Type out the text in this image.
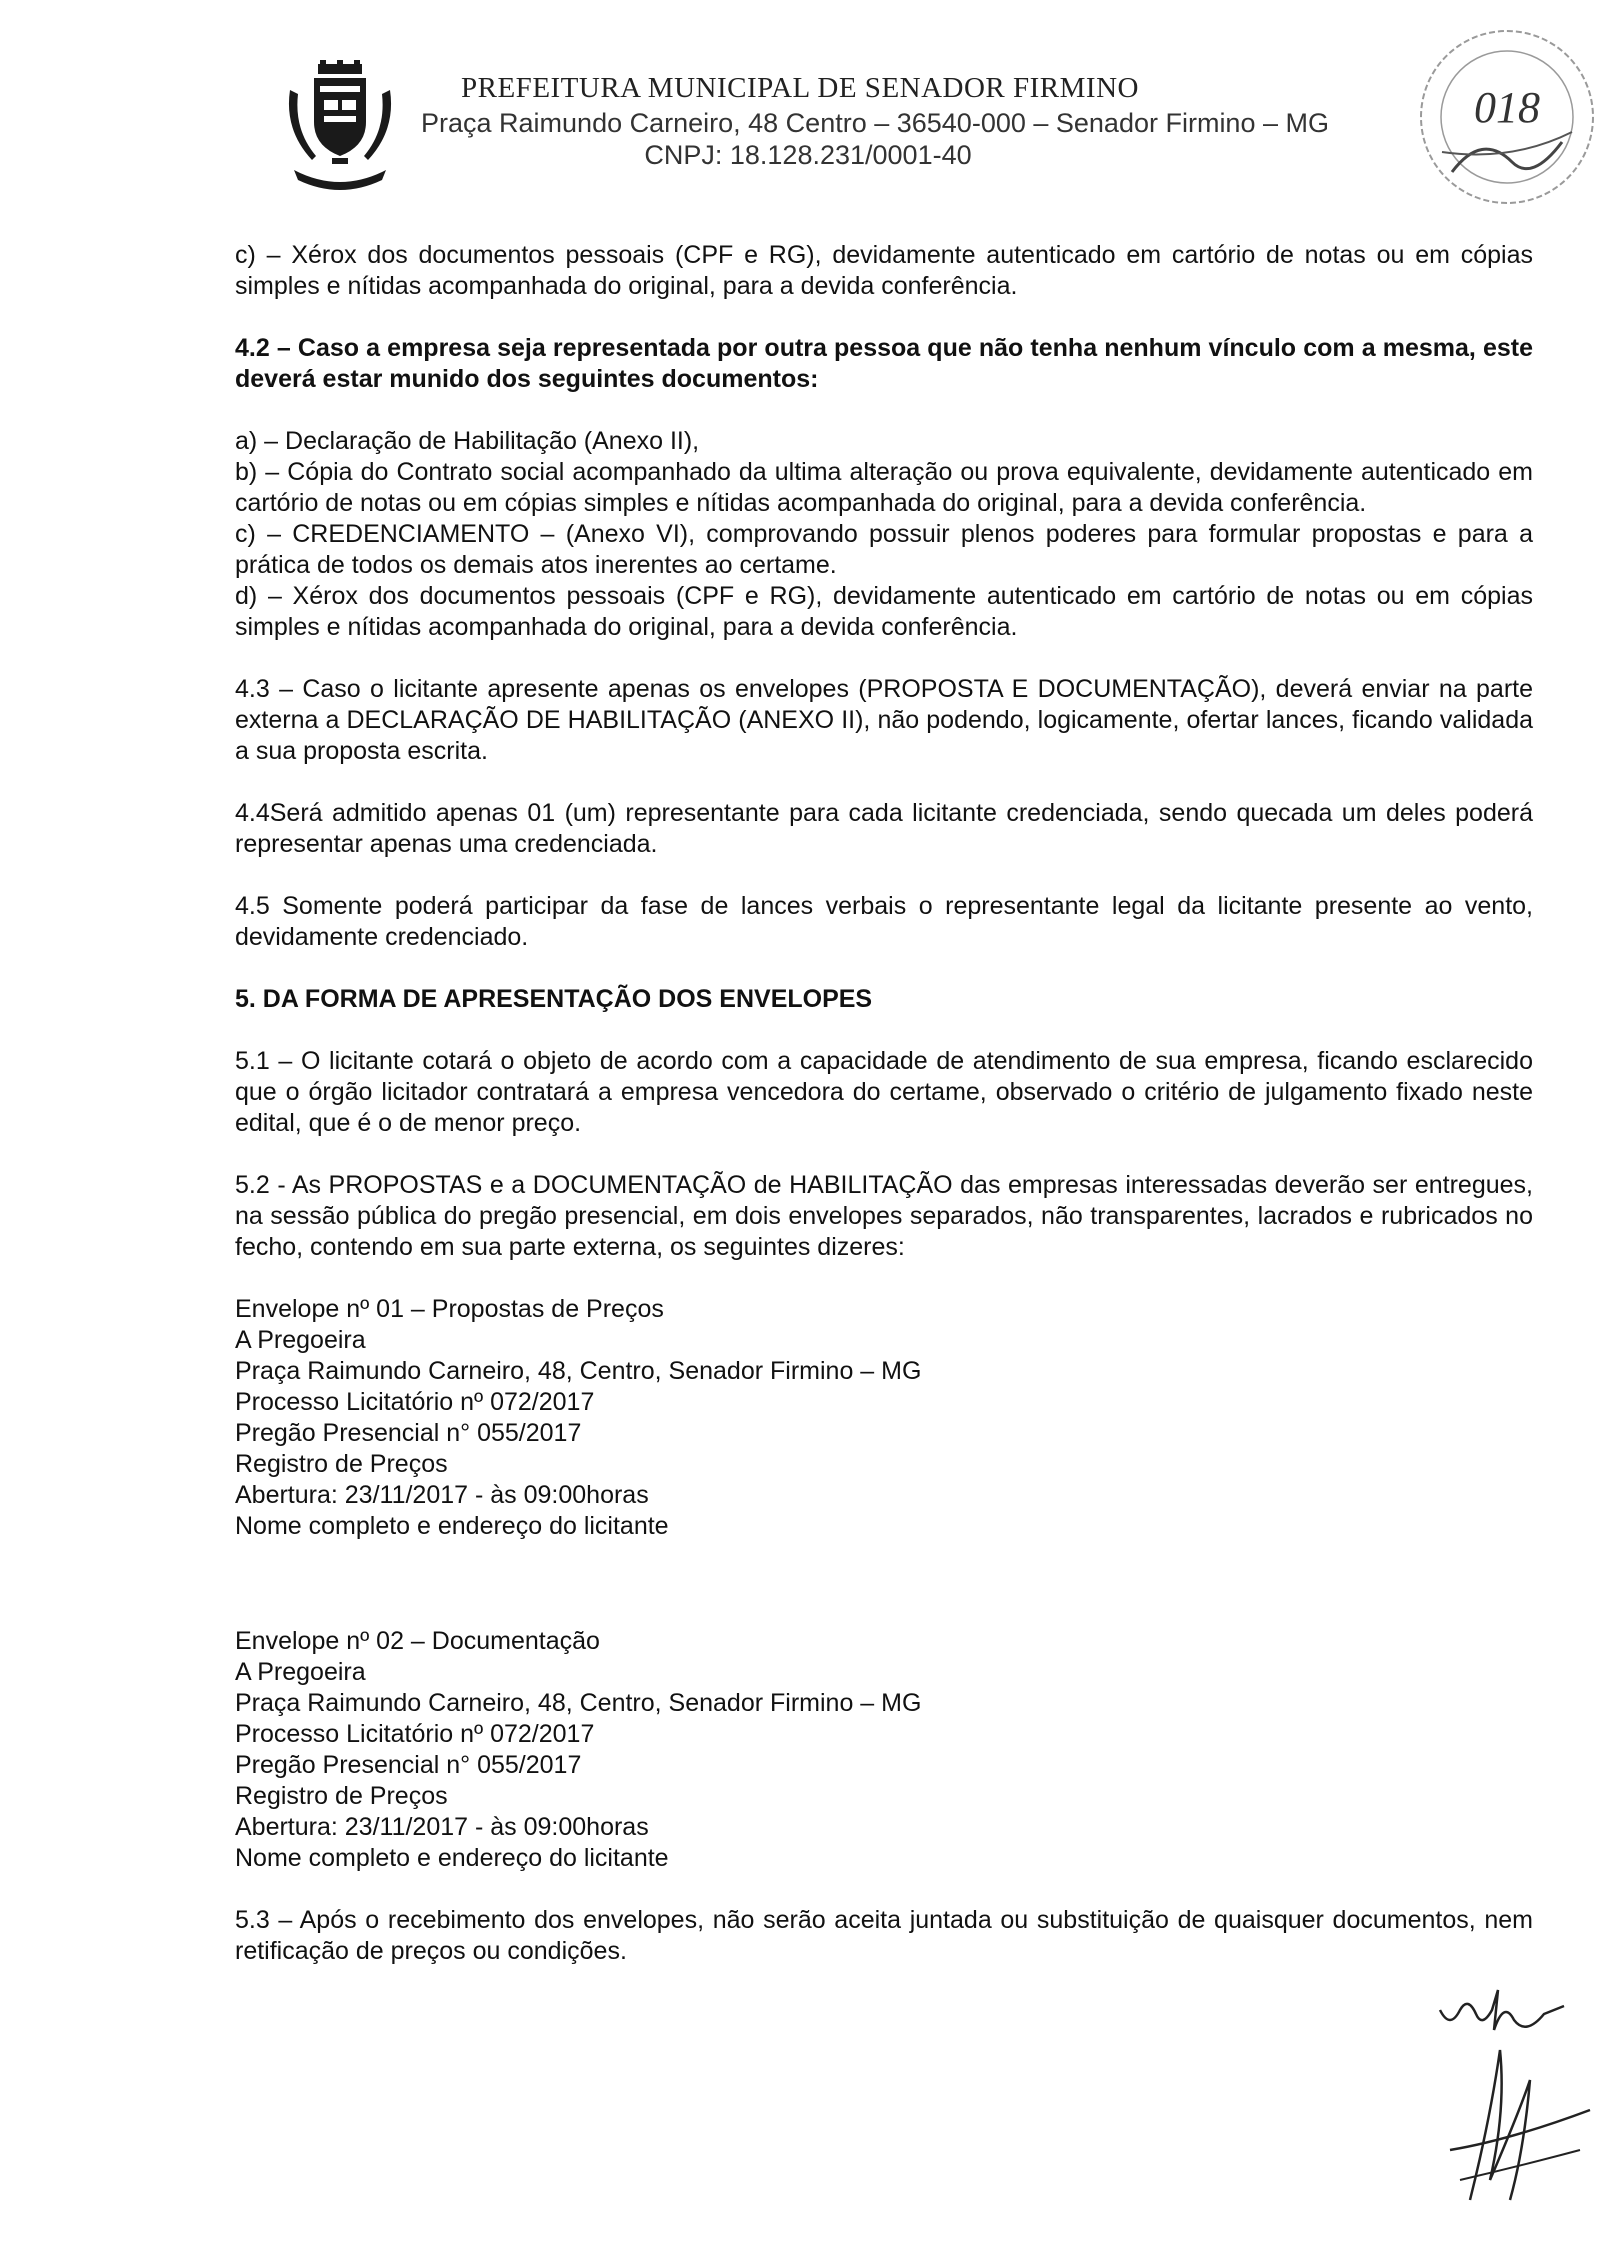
PREFEITURA MUNICIPAL DE SENADOR FIRMINO
Praça Raimundo Carneiro, 48 Centro – 36540-000 – Senador Firmino – MG
CNPJ: 18.128.231/0001-40
018

c) – Xérox dos documentos pessoais (CPF e RG), devidamente autenticado em cartório de notas ou em cópias simples e nítidas acompanhada do original, para a devida conferência.

4.2 – Caso a empresa seja representada por outra pessoa que não tenha nenhum vínculo com a mesma, este deverá estar munido dos seguintes documentos:

a) – Declaração de Habilitação (Anexo II),

b) – Cópia do Contrato social acompanhado da ultima alteração ou prova equivalente, devidamente autenticado em cartório de notas ou em cópias simples e nítidas acompanhada do original, para a devida conferência.

c) – CREDENCIAMENTO – (Anexo VI), comprovando possuir plenos poderes para formular propostas e para a prática de todos os demais atos inerentes ao certame.

d) – Xérox dos documentos pessoais (CPF e RG), devidamente autenticado em cartório de notas ou em cópias simples e nítidas acompanhada do original, para a devida conferência.

4.3 – Caso o licitante apresente apenas os envelopes (PROPOSTA E DOCUMENTAÇÃO), deverá enviar na parte externa a DECLARAÇÃO DE HABILITAÇÃO (ANEXO II), não podendo, logicamente, ofertar lances, ficando validada a sua proposta escrita.

4.4Será admitido apenas 01 (um) representante para cada licitante credenciada, sendo quecada um deles poderá representar apenas uma credenciada.

4.5 Somente poderá participar da fase de lances verbais o representante legal da licitante presente ao vento, devidamente credenciado.

5. DA FORMA DE APRESENTAÇÃO DOS ENVELOPES

5.1 – O licitante cotará o objeto de acordo com a capacidade de atendimento de sua empresa, ficando esclarecido que o órgão licitador contratará a empresa vencedora do certame, observado o critério de julgamento fixado neste edital, que é o de menor preço.

5.2 - As PROPOSTAS e a DOCUMENTAÇÃO de HABILITAÇÃO das empresas interessadas deverão ser entregues, na sessão pública do pregão presencial, em dois envelopes separados, não transparentes, lacrados e rubricados no fecho, contendo em sua parte externa, os seguintes dizeres:

Envelope nº 01 – Propostas de Preços
A Pregoeira
Praça Raimundo Carneiro, 48, Centro, Senador Firmino – MG
Processo Licitatório nº 072/2017
Pregão Presencial n° 055/2017
Registro de Preços
Abertura: 23/11/2017 - às 09:00horas
Nome completo e endereço do licitante
Envelope nº 02 – Documentação
A Pregoeira
Praça Raimundo Carneiro, 48, Centro, Senador Firmino – MG
Processo Licitatório nº 072/2017
Pregão Presencial n° 055/2017
Registro de Preços
Abertura: 23/11/2017 - às 09:00horas
Nome completo e endereço do licitante

5.3 – Após o recebimento dos envelopes, não serão aceita juntada ou substituição de quaisquer documentos, nem retificação de preços ou condições.
